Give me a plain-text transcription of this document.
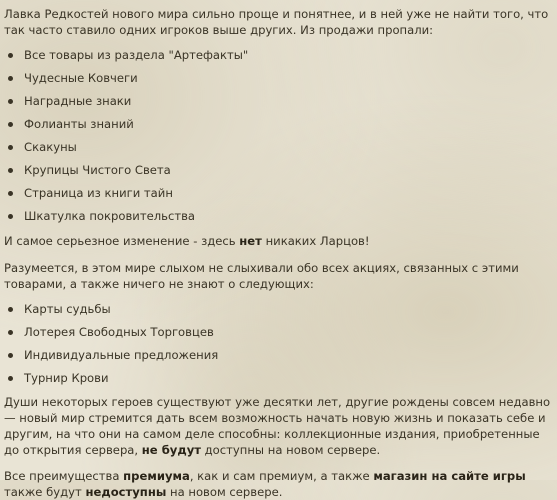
Лавка Редкостей нового мира сильно проще и понятнее, и в ней уже не найти того, что так часто ставило одних игроков выше других. Из продажи пропали:

Все товары из раздела "Артефакты"
Чудесные Ковчеги
Наградные знаки
Фолианты знаний
Скакуны
Крупицы Чистого Света
Страница из книги тайн
Шкатулка покровительства

И самое серьезное изменение - здесь нет никаких Ларцов!

Разумеется, в этом мире слыхом не слыхивали обо всех акциях, связанных с этими товарами, а также ничего не знают о следующих:

Карты судьбы
Лотерея Свободных Торговцев
Индивидуальные предложения
Турнир Крови

Души некоторых героев существуют уже десятки лет, другие рождены совсем недавно — новый мир стремится дать всем возможность начать новую жизнь и показать себе и другим, на что они на самом деле способны: коллекционные издания, приобретенные до открытия сервера, не будут доступны на новом сервере.

Все преимущества премиума, как и сам премиум, а также магазин на сайте игры также будут недоступны на новом сервере.
